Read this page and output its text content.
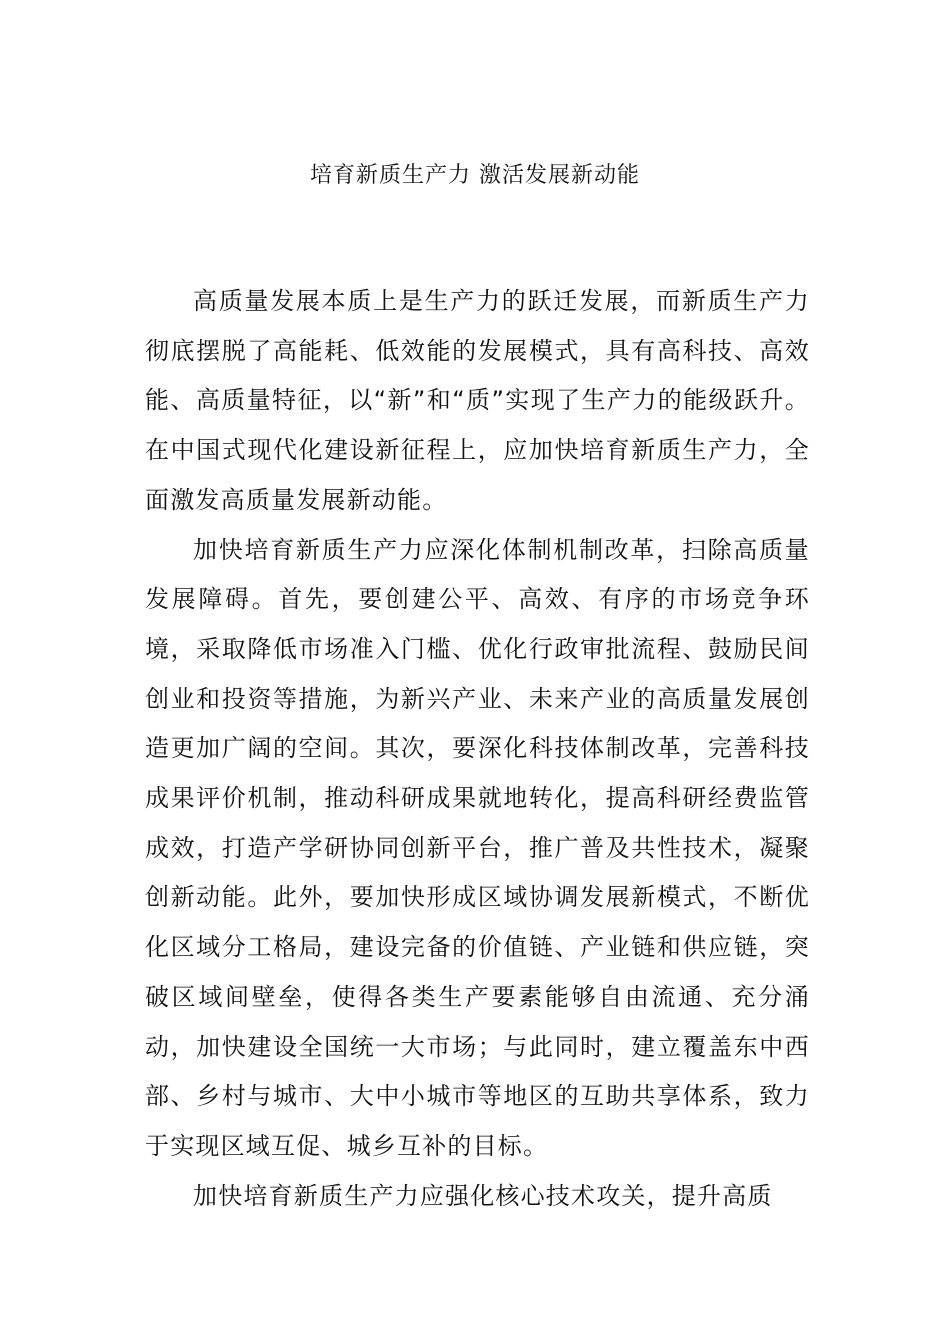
培育新质生产力 激活发展新动能

高质量发展本质上是生产力的跃迁发展，而新质生产力彻底摆脱了高能耗、低效能的发展模式，具有高科技、高效能、高质量特征，以“新”和“质”实现了生产力的能级跃升。在中国式现代化建设新征程上，应加快培育新质生产力，全面激发高质量发展新动能。

加快培育新质生产力应深化体制机制改革，扫除高质量发展障碍。首先，要创建公平、高效、有序的市场竞争环境，采取降低市场准入门槛、优化行政审批流程、鼓励民间创业和投资等措施，为新兴产业、未来产业的高质量发展创造更加广阔的空间。其次，要深化科技体制改革，完善科技成果评价机制，推动科研成果就地转化，提高科研经费监管成效，打造产学研协同创新平台，推广普及共性技术，凝聚创新动能。此外，要加快形成区域协调发展新模式，不断优化区域分工格局，建设完备的价值链、产业链和供应链，突破区域间壁垒，使得各类生产要素能够自由流通、充分涌动，加快建设全国统一大市场；与此同时，建立覆盖东中西部、乡村与城市、大中小城市等地区的互助共享体系，致力于实现区域互促、城乡互补的目标。

加快培育新质生产力应强化核心技术攻关，提升高质
